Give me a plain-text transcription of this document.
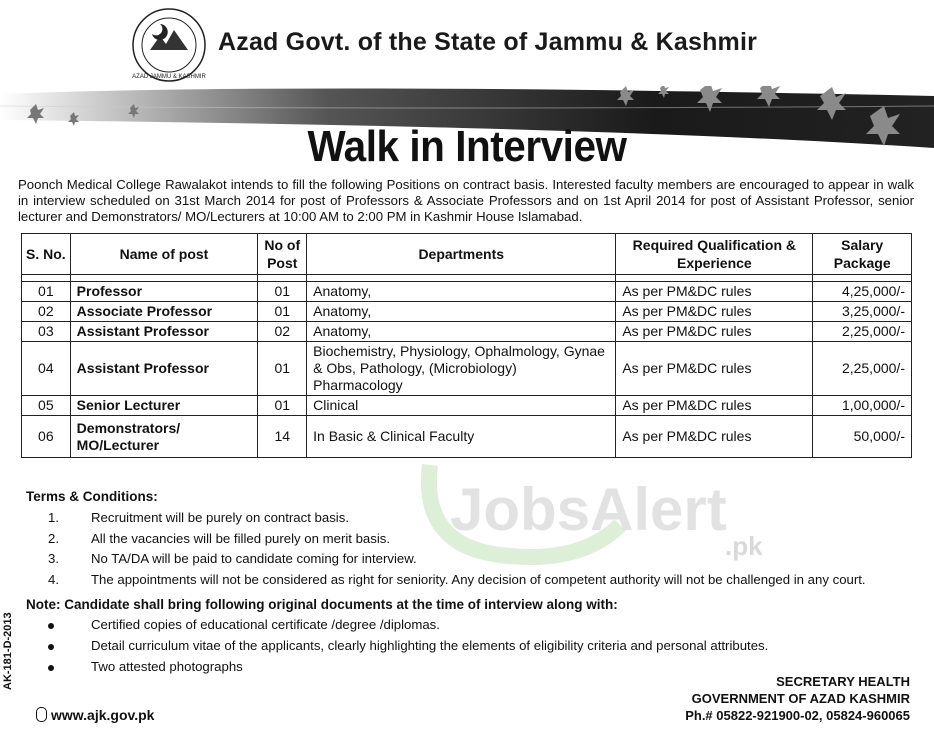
AZAD JAMMU & KASHMIR
Azad Govt. of the State of Jammu & Kashmir
Walk in Interview
Poonch Medical College Rawalakot intends to fill the following Positions on contract basis. Interested faculty members are encouraged to appear in walk in interview scheduled on 31st March 2014 for post of Professors & Associate Professors and on 1st April 2014 for post of Assistant Professor, senior lecturer and Demonstrators/ MO/Lecturers at 10:00 AM to 2:00 PM in Kashmir House Islamabad.
JobsAlert
.pk
S. No.	Name of post	No of Post	Departments	Required Qualification & Experience	Salary Package

01	Professor	01	Anatomy,	As per PM&DC rules	4,25,000/-
02	Associate Professor	01	Anatomy,	As per PM&DC rules	3,25,000/-
03	Assistant Professor	02	Anatomy,	As per PM&DC rules	2,25,000/-
04	Assistant Professor	01	Biochemistry, Physiology, Ophalmology, Gynae & Obs, Pathology, (Microbiology) Pharmacology	As per PM&DC rules	2,25,000/-
05	Senior Lecturer	01	Clinical	As per PM&DC rules	1,00,000/-
06	Demonstrators/ MO/Lecturer	14	In Basic & Clinical Faculty	As per PM&DC rules	50,000/-
Terms & Conditions:
1.	Recruitment will be purely on contract basis.
2.	All the vacancies will be filled purely on merit basis.
3.	No TA/DA will be paid to candidate coming for interview.
4.	The appointments will not be considered as right for seniority. Any decision of competent authority will not be challenged in any court.
Note: Candidate shall bring following original documents at the time of interview along with:
Certified copies of educational certificate /degree /diplomas.
Detail curriculum vitae of the applicants, clearly highlighting the elements of eligibility criteria and personal attributes.
Two attested photographs
AK-181-D-2013	SECRETARY HEALTH
GOVERNMENT OF AZAD KASHMIR
Ph.# 05822-921900-02, 05824-960065
www.ajk.gov.pk
